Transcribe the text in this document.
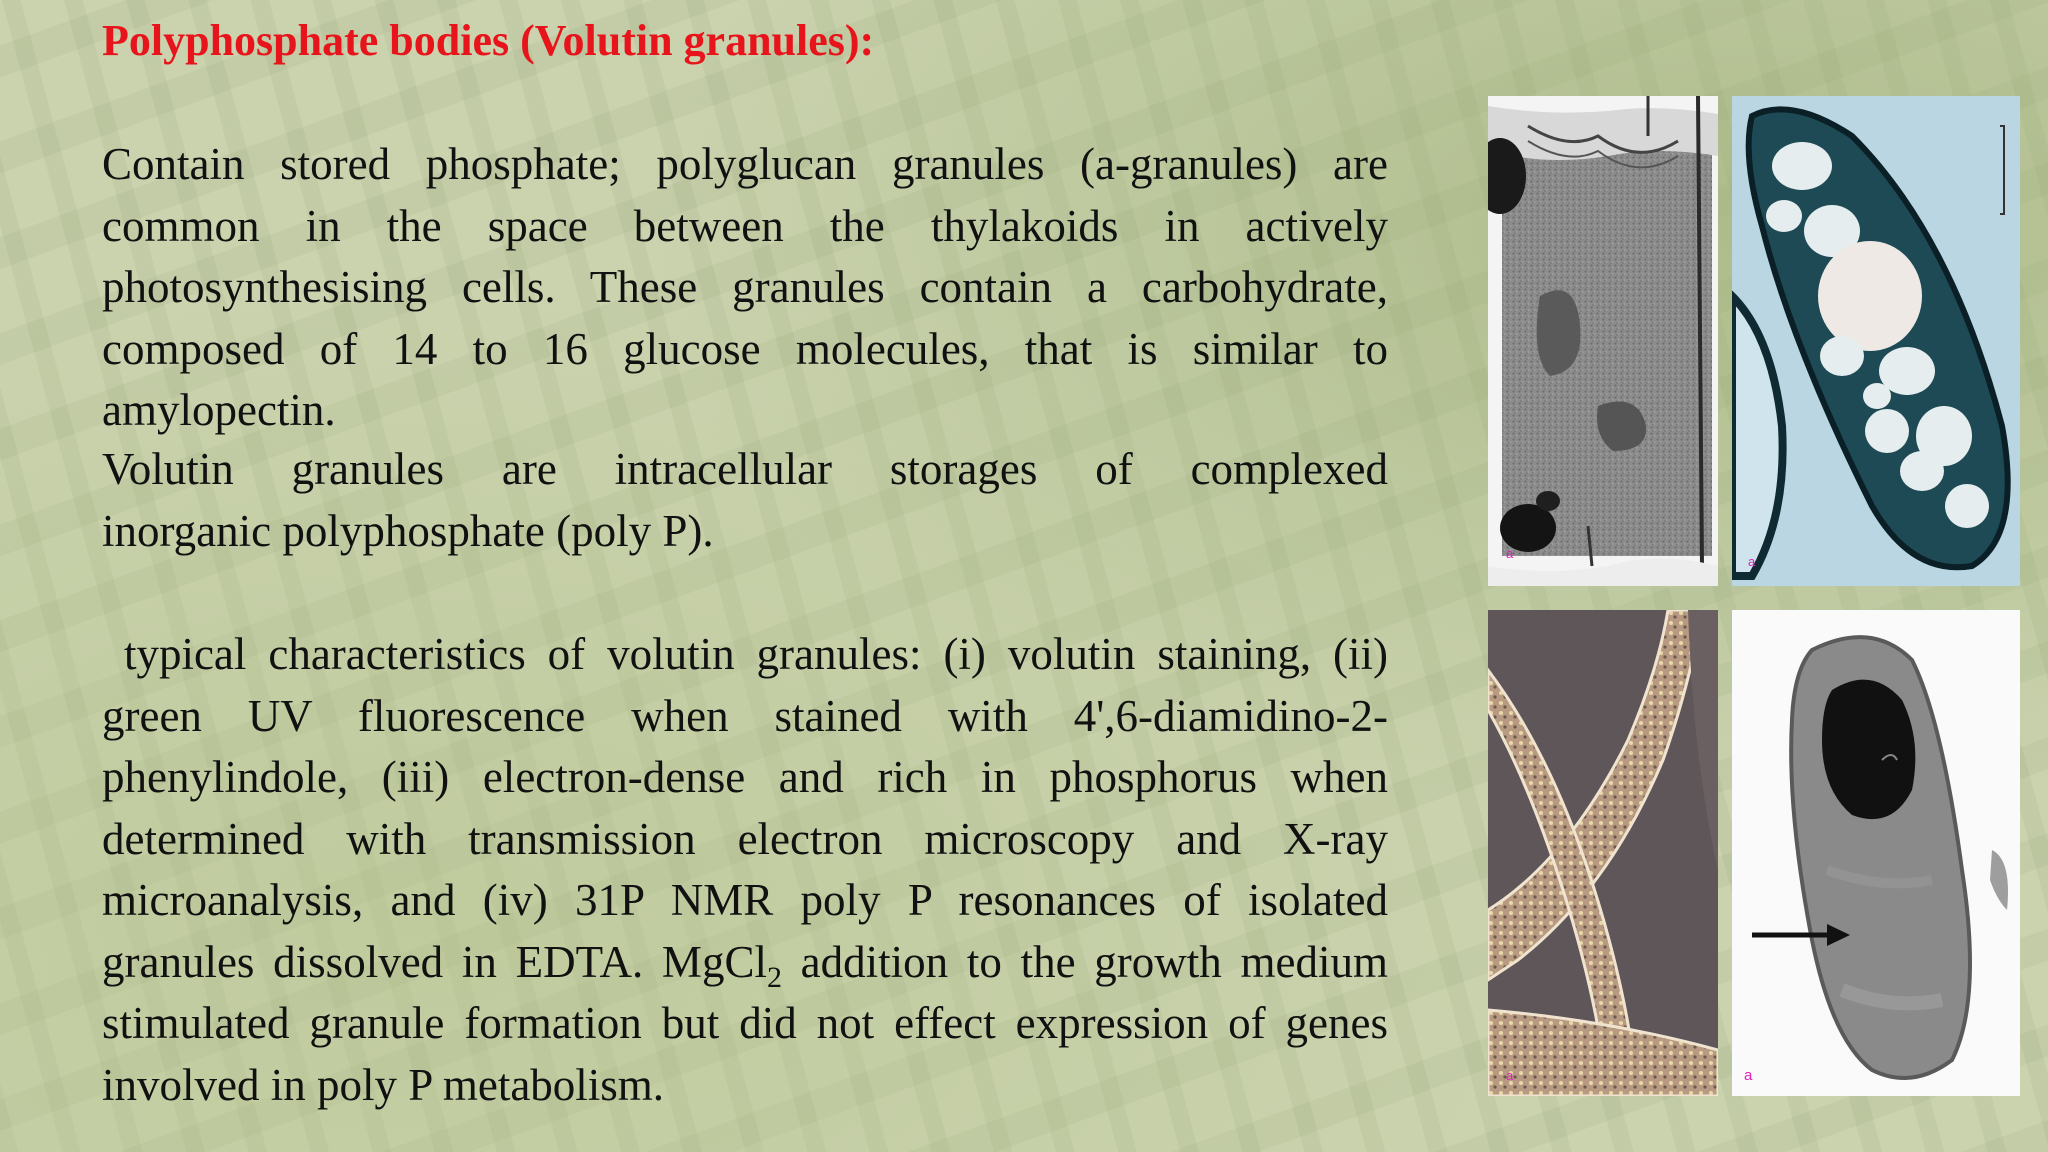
Polyphosphate bodies (Volutin granules):
Contain stored phosphate; polyglucan granules (a-granules) are common in the space between the thylakoids in actively photosynthesising cells. These granules contain a carbohydrate, composed of 14 to 16 glucose molecules, that is similar to amylopectin.
Volutin granules are intracellular storages of complexed
inorganic polyphosphate (poly P).
typical characteristics of volutin granules: (i) volutin staining, (ii) green UV fluorescence when stained with 4',6-diamidino-2-phenylindole, (iii) electron-dense and rich in phosphorus when determined with transmission electron microscopy and X-ray microanalysis, and (iv) 31P NMR poly P resonances of isolated granules dissolved in EDTA. MgCl$_2$ addition to the growth medium stimulated granule formation but did not effect expression of genes involved in poly P metabolism.
a
a
a	a
